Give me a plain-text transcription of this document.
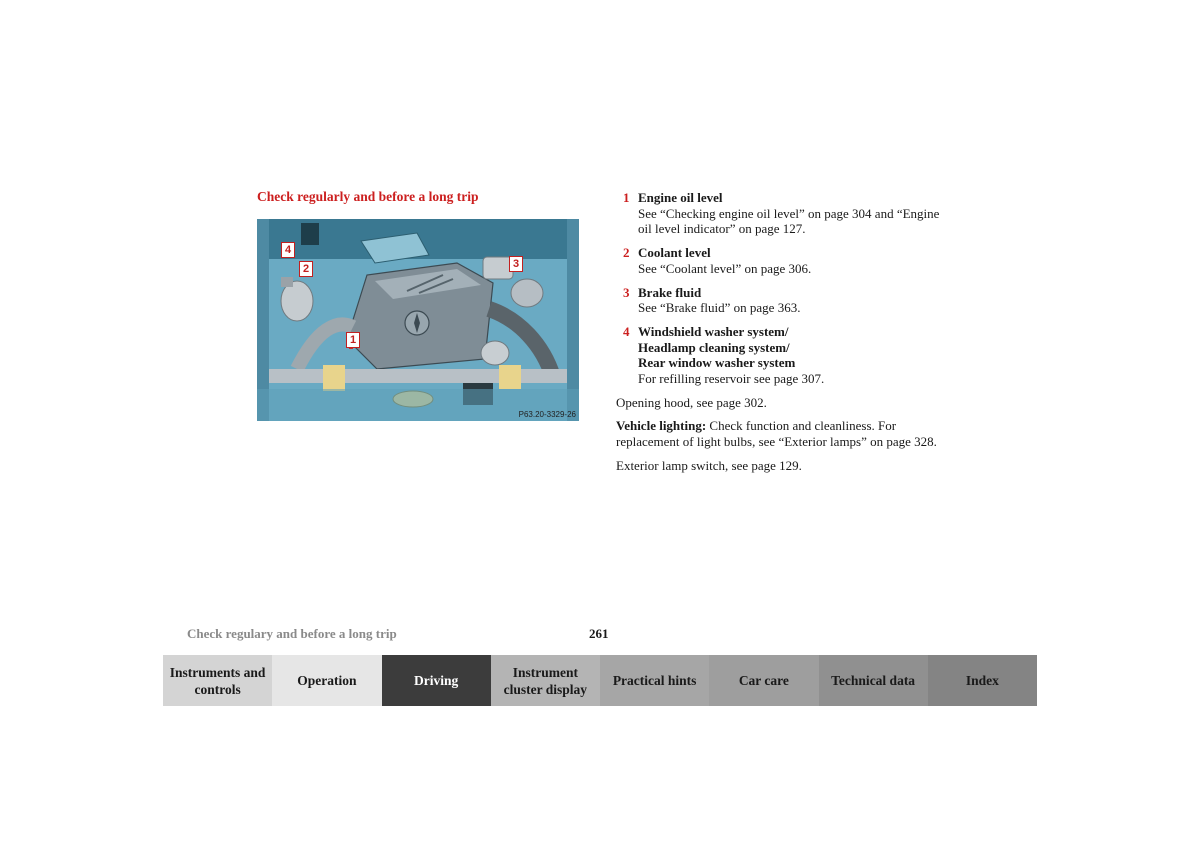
Check regularly and before a long trip
4
2	3
1
P63.20-3329-26
1 Engine oil level
See “Checking engine oil level” on page 304 and “Engine oil level indicator” on page 127.
2 Coolant level
See “Coolant level” on page 306.
3 Brake fluid
See “Brake fluid” on page 363.
4 Windshield washer system/
Headlamp cleaning system/
Rear window washer system
For refilling reservoir see page 307.

Opening hood, see page 302.

Vehicle lighting: Check function and cleanliness. For replacement of light bulbs, see “Exterior lamps” on page 328.

Exterior lamp switch, see page 129.

Check regulary and before a long trip	261
Instruments and controls
Operation	Driving
Instrument cluster display
Practical hints	Car care	Technical data	Index
